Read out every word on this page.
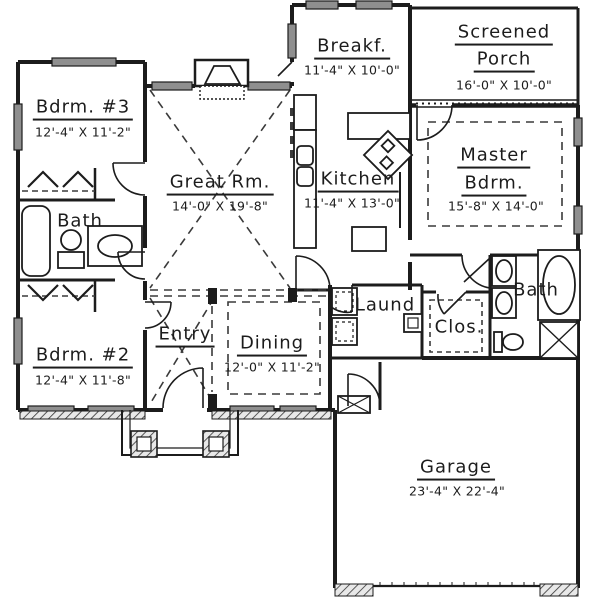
Bdrm. #3
12'-4" X 11'-2"
Bath
Bdrm. #2
12'-4" X 11'-8"
Great Rm.
14'-0" X 19'-8"
Entry Dining
12'-0" X 11'-2"
Breakf.
11'-4" X 10'-0"
Screened
Porch
16'-0" X 10'-0"
Kitchen
11'-4" X 13'-0"
Master
Bdrm.
15'-8" X 14'-0"
Laund
Clos.
Bath
Garage
23'-4" X 22'-4"
